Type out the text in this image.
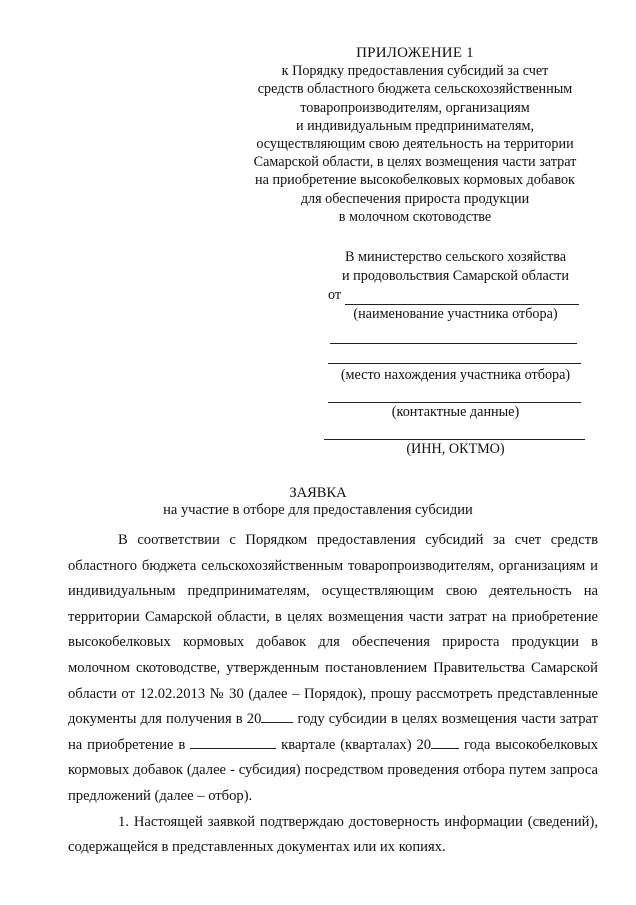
ПРИЛОЖЕНИЕ 1
к Порядку предоставления субсидий за счет
средств областного бюджета сельскохозяйственным
товаропроизводителям, организациям
и индивидуальным предпринимателям,
осуществляющим свою деятельность на территории
Самарской области, в целях возмещения части затрат
на приобретение высокобелковых кормовых добавок
для обеспечения прироста продукции
в молочном скотоводстве
В министерство сельского хозяйства
и продовольствия Самарской области
от
(наименование участника отбора)
(место нахождения участника отбора)
(контактные данные)
(ИНН, ОКТМО)
ЗАЯВКА
на участие в отборе для предоставления субсидии

В соответствии с Порядком предоставления субсидий за счет средств областного бюджета сельскохозяйственным товаропроизводителям, организациям и индивидуальным предпринимателям, осуществляющим свою деятельность на территории Самарской области, в целях возмещения части затрат на приобретение высокобелковых кормовых добавок для обеспечения прироста продукции в молочном скотоводстве, утвержденным постановлением Правительства Самарской области от 12.02.2013 № 30 (далее – Порядок), прошу рассмотреть представленные документы для получения в 20 году субсидии в целях возмещения части затрат на приобретение в	квартале (кварталах) 20 года высокобелковых кормовых добавок (далее - субсидия) посредством проведения отбора путем запроса предложений (далее – отбор).

1. Настоящей заявкой подтверждаю достоверность информации (сведений), содержащейся в представленных документах или их копиях.
